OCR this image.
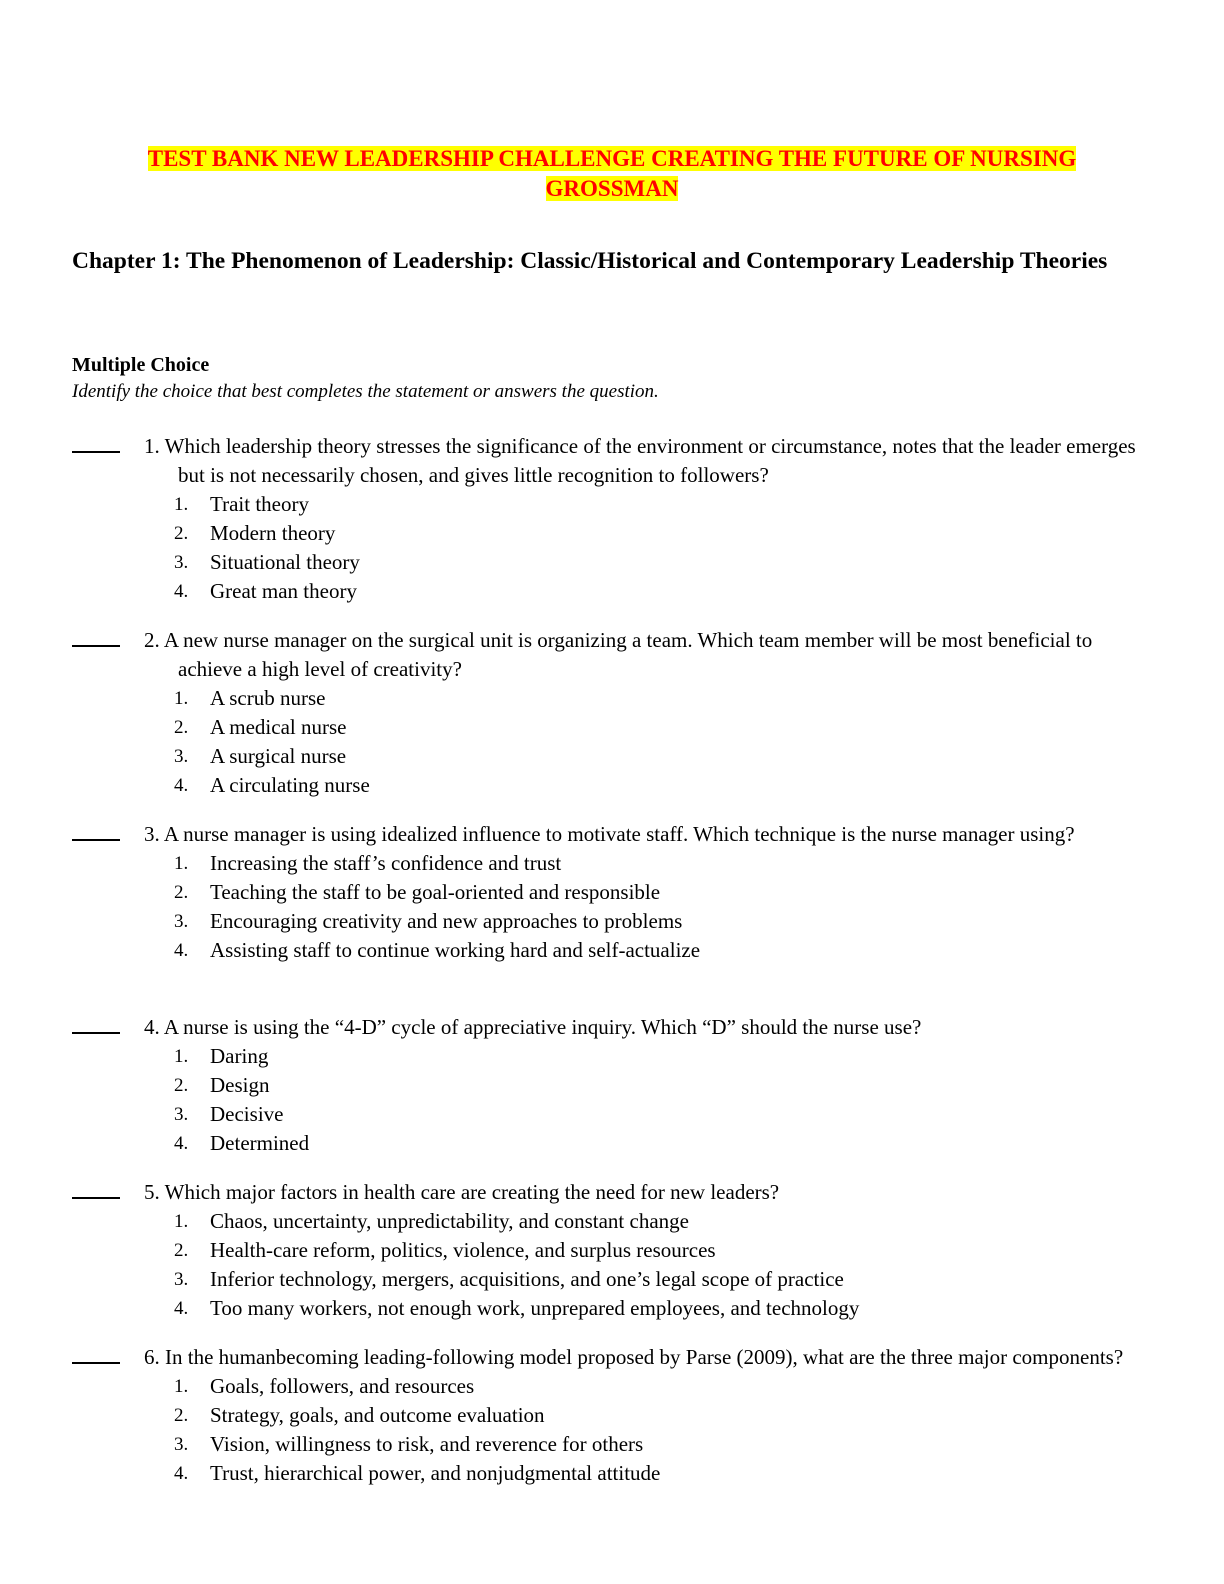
TEST BANK NEW LEADERSHIP CHALLENGE CREATING THE FUTURE OF NURSING
GROSSMAN
Chapter 1: The Phenomenon of Leadership: Classic/Historical and Contemporary Leadership Theories
Multiple Choice
Identify the choice that best completes the statement or answers the question.
1. Which leadership theory stresses the significance of the environment or circumstance, notes that the leader emerges but is not necessarily chosen, and gives little recognition to followers?
1.	Trait theory
2.	Modern theory
3.	Situational theory
4.	Great man theory
2. A new nurse manager on the surgical unit is organizing a team. Which team member will be most beneficial to achieve a high level of creativity?
1.	A scrub nurse
2.	A medical nurse
3.	A surgical nurse
4.	A circulating nurse
3. A nurse manager is using idealized influence to motivate staff. Which technique is the nurse manager using?
1.	Increasing the staff’s confidence and trust
2.	Teaching the staff to be goal-oriented and responsible
3.	Encouraging creativity and new approaches to problems
4.	Assisting staff to continue working hard and self-actualize
4. A nurse is using the “4-D” cycle of appreciative inquiry. Which “D” should the nurse use?
1.	Daring
2.	Design
3.	Decisive
4.	Determined
5. Which major factors in health care are creating the need for new leaders?
1.	Chaos, uncertainty, unpredictability, and constant change
2.	Health-care reform, politics, violence, and surplus resources
3.	Inferior technology, mergers, acquisitions, and one’s legal scope of practice
4.	Too many workers, not enough work, unprepared employees, and technology
6. In the humanbecoming leading-following model proposed by Parse (2009), what are the three major components?
1.	Goals, followers, and resources
2.	Strategy, goals, and outcome evaluation
3.	Vision, willingness to risk, and reverence for others
4.	Trust, hierarchical power, and nonjudgmental attitude
